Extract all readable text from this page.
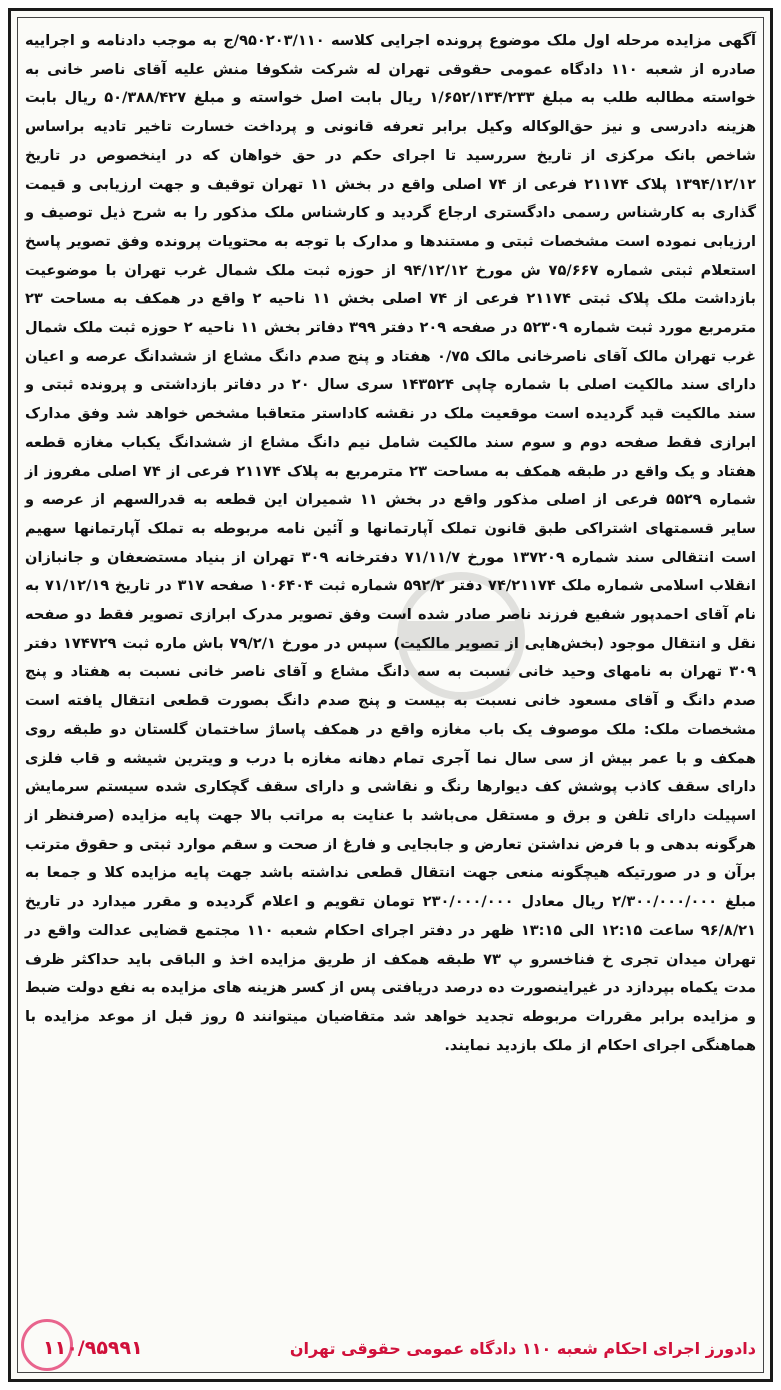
آگهی مزایده مرحله اول ملک موضوع پرونده اجرایی کلاسه ۹۵۰۲۰۳/۱۱۰/ج به موجب دادنامه و اجراییه صادره از شعبه ۱۱۰ دادگاه عمومی حقوقی تهران له شرکت شکوفا منش علیه آقای ناصر خانی به خواسته مطالبه طلب به مبلغ ۱/۶۵۲/۱۳۴/۲۳۳ ریال بابت اصل خواسته و مبلغ ۵۰/۳۸۸/۴۲۷ ریال بابت هزینه دادرسی و نیز حق‌الوکاله وکیل برابر تعرفه قانونی و پرداخت خسارت تاخیر تادیه براساس شاخص بانک مرکزی از تاریخ سررسید تا اجرای حکم در حق خواهان که در اینخصوص در تاریخ ۱۳۹۴/۱۲/۱۲ پلاک ۲۱۱۷۴ فرعی از ۷۴ اصلی واقع در بخش ۱۱ تهران توقیف و جهت ارزیابی و قیمت گذاری به کارشناس رسمی دادگستری ارجاع گردید و کارشناس ملک مذکور را به شرح ذیل توصیف و ارزیابی نموده است مشخصات ثبتی و مستندها و مدارک با توجه به محتویات پرونده وفق تصویر پاسخ استعلام ثبتی شماره ۷۵/۶۶۷ ش مورخ ۹۴/۱۲/۱۲ از حوزه ثبت ملک شمال غرب تهران با موضوعیت بازداشت ملک پلاک ثبتی ۲۱۱۷۴ فرعی از ۷۴ اصلی بخش ۱۱ ناحیه ۲ واقع در همکف به مساحت ۲۳ مترمربع مورد ثبت شماره ۵۲۳۰۹ در صفحه ۲۰۹ دفتر ۳۹۹ دفاتر بخش ۱۱ ناحیه ۲ حوزه ثبت ملک شمال غرب تهران مالک آقای ناصرخانی مالک ۰/۷۵ هفتاد و پنج صدم دانگ مشاع از ششدانگ عرصه و اعیان دارای سند مالکیت اصلی با شماره چاپی ۱۴۳۵۲۴ سری سال ۲۰ در دفاتر بازداشتی و پرونده ثبتی و سند مالکیت قید گردیده است موقعیت ملک در نقشه کاداستر متعاقبا مشخص خواهد شد وفق مدارک ابرازی فقط صفحه دوم و سوم سند مالکیت شامل نیم دانگ مشاع از ششدانگ یکباب مغازه قطعه هفتاد و یک واقع در طبقه همکف به مساحت ۲۳ مترمربع به پلاک ۲۱۱۷۴ فرعی از ۷۴ اصلی مفروز از شماره ۵۵۲۹ فرعی از اصلی مذکور واقع در بخش ۱۱ شمیران این قطعه به قدرالسهم از عرصه و سایر قسمتهای اشتراکی طبق قانون تملک آپارتمانها و آئین نامه مربوطه به تملک آپارتمانها سهیم است انتقالی سند شماره ۱۳۷۲۰۹ مورخ ۷۱/۱۱/۷ دفترخانه ۳۰۹ تهران از بنیاد مستضعفان و جانبازان انقلاب اسلامی شماره ملک ۷۴/۲۱۱۷۴ دفتر ۵۹۲/۲ شماره ثبت ۱۰۶۴۰۴ صفحه ۳۱۷ در تاریخ ۷۱/۱۲/۱۹ به نام آقای احمدپور شفیع فرزند ناصر صادر شده است وفق تصویر مدرک ابرازی تصویر فقط دو صفحه نقل و انتقال موجود (بخش‌هایی از تصویر مالکیت) سپس در مورخ ۷۹/۲/۱ باش ماره ثبت ۱۷۴۷۲۹ دفتر ۳۰۹ تهران به نامهای وحید خانی نسبت به سه دانگ مشاع و آقای ناصر خانی نسبت به هفتاد و پنج صدم دانگ و آقای مسعود خانی نسبت به بیست و پنج صدم دانگ بصورت قطعی انتقال یافته است مشخصات ملک: ملک موصوف یک باب مغازه واقع در همکف پاساژ ساختمان گلستان دو طبقه روی همکف و با عمر بیش از سی سال نما آجری تمام دهانه مغازه با درب و ویترین شیشه و قاب فلزی دارای سقف کاذب پوشش کف دیوارها رنگ و نقاشی و دارای سقف گچکاری شده سیستم سرمایش اسپیلت دارای تلفن و برق و مستقل می‌باشد با عنایت به مراتب بالا جهت پایه مزایده (صرفنظر از هرگونه بدهی و با فرض نداشتن تعارض و جابجایی و فارغ از صحت و سقم موارد ثبتی و حقوق مترتب برآن و در صورتیکه هیچگونه منعی جهت انتقال قطعی نداشته باشد جهت پایه مزایده کلا و جمعا به مبلغ ۲/۳۰۰/۰۰۰/۰۰۰ ریال معادل ۲۳۰/۰۰۰/۰۰۰ تومان تقویم و اعلام گردیده و مقرر میدارد در تاریخ ۹۶/۸/۲۱ ساعت ۱۲:۱۵ الی ۱۳:۱۵ ظهر در دفتر اجرای احکام شعبه ۱۱۰ مجتمع قضایی عدالت واقع در تهران میدان تجری خ فناخسرو پ ۷۳ طبقه همکف از طریق مزایده اخذ و الباقی باید حداکثر ظرف مدت یکماه بپردازد در غیراینصورت ده درصد دریافتی پس از کسر هزینه های مزایده به نفع دولت ضبط و مزایده برابر مقررات مربوطه تجدید خواهد شد متقاضیان میتوانند ۵ روز قبل از موعد مزایده با هماهنگی اجرای احکام از ملک بازدید نمایند.

دادورز اجرای احکام شعبه ۱۱۰ دادگاه عمومی حقوقی تهران
۱۱۰/۹۵۹۹۱
